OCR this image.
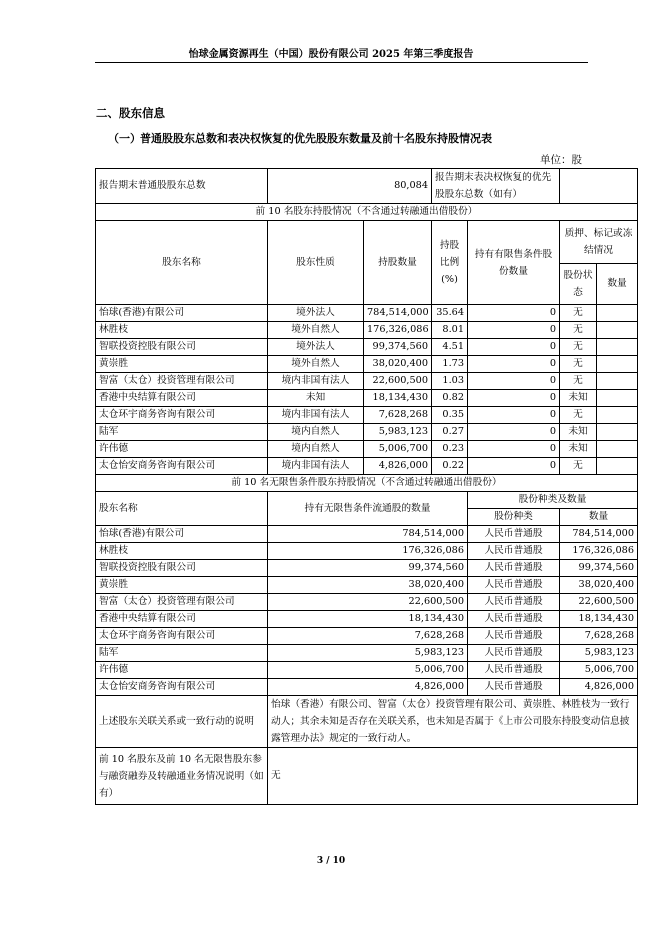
怡球金属资源再生（中国）股份有限公司 2025 年第三季度报告
二、股东信息
（一）普通股股东总数和表决权恢复的优先股股东数量及前十名股东持股情况表
单位：股
报告期末普通股股东总数	80,084		报告期末表决权恢复的优先股股东总数（如有）			
前 10 名股东持股情况（不含通过转融通出借股份）						
股东名称	股东性质	持股数量	持股比例(%)	持有有限售条件股份数量	质押、标记或冻结情况	
					股份状态	数量
怡球(香港)有限公司	境外法人	784,514,000	35.64	0	无	
林胜枝	境外自然人	176,326,086	8.01	0	无	
智联投资控股有限公司	境外法人	99,374,560	4.51	0	无	
黄崇胜	境外自然人	38,020,400	1.73	0	无	
智富（太仓）投资管理有限公司	境内非国有法人	22,600,500	1.03	0	无	
香港中央结算有限公司	未知	18,134,430	0.82	0	未知	
太仓环宇商务咨询有限公司	境内非国有法人	7,628,268	0.35	0	无	
陆军	境内自然人	5,983,123	0.27	0	未知	
许伟德	境内自然人	5,006,700	0.23	0	未知	
太仓怡安商务咨询有限公司	境内非国有法人	4,826,000	0.22	0	无	
前 10 名无限售条件股东持股情况（不含通过转融通出借股份）						
股东名称	持有无限售条件流通股的数量			股份种类及数量		
				股份种类	数量	
怡球(香港)有限公司	784,514,000			人民币普通股	784,514,000	
林胜枝	176,326,086			人民币普通股	176,326,086	
智联投资控股有限公司	99,374,560			人民币普通股	99,374,560	
黄崇胜	38,020,400			人民币普通股	38,020,400	
智富（太仓）投资管理有限公司	22,600,500			人民币普通股	22,600,500	
香港中央结算有限公司	18,134,430			人民币普通股	18,134,430	
太仓环宇商务咨询有限公司	7,628,268			人民币普通股	7,628,268	
陆军	5,983,123			人民币普通股	5,983,123	
许伟德	5,006,700			人民币普通股	5,006,700	
太仓怡安商务咨询有限公司	4,826,000			人民币普通股	4,826,000	
上述股东关联关系或一致行动的说明	怡球（香港）有限公司、智富（太仓）投资管理有限公司、黄崇胜、林胜枝为一致行动人；其余未知是否存在关联关系，也未知是否属于《上市公司股东持股变动信息披露管理办法》规定的一致行动人。					
前 10 名股东及前 10 名无限售股东参与融资融券及转融通业务情况说明（如有）	无					
3 / 10
